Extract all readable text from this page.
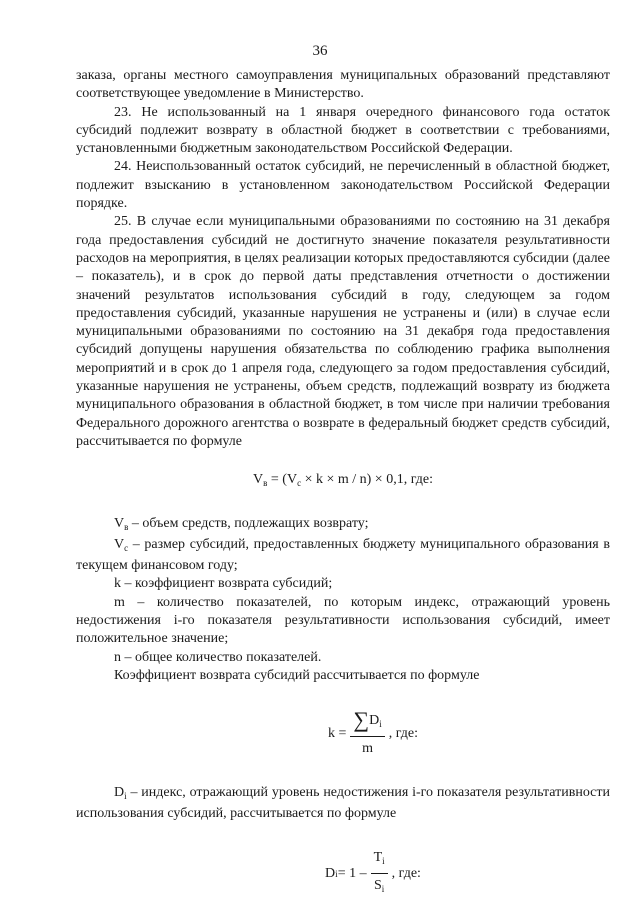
36

заказа, органы местного самоуправления муниципальных образований представляют соответствующее уведомление в Министерство.

23. Не использованный на 1 января очередного финансового года остаток субсидий подлежит возврату в областной бюджет в соответствии с требованиями, установленными бюджетным законодательством Российской Федерации.

24. Неиспользованный остаток субсидий, не перечисленный в областной бюджет, подлежит взысканию в установленном законодательством Российской Федерации порядке.

25. В случае если муниципальными образованиями по состоянию на 31 декабря года предоставления субсидий не достигнуто значение показателя результативности расходов на мероприятия, в целях реализации которых предоставляются субсидии (далее – показатель), и в срок до первой даты представления отчетности о достижении значений результатов использования субсидий в году, следующем за годом предоставления субсидий, указанные нарушения не устранены и (или) в случае если муниципальными образованиями по состоянию на 31 декабря года предоставления субсидий допущены нарушения обязательства по соблюдению графика выполнения мероприятий и в срок до 1 апреля года, следующего за годом предоставления субсидий, указанные нарушения не устранены, объем средств, подлежащий возврату из бюджета муниципального образования в областной бюджет, в том числе при наличии требования Федерального дорожного агентства о возврате в федеральный бюджет средств субсидий, рассчитывается по формуле

$V_в = (V_с \times k \times m / n) \times 0,1$, где:

$V_в$ – объем средств, подлежащих возврату;

$V_с$ – размер субсидий, предоставленных бюджету муниципального образования в текущем финансовом году;

k – коэффициент возврата субсидий;

m – количество показателей, по которым индекс, отражающий уровень недостижения i-го показателя результативности использования субсидий, имеет положительное значение;

n – общее количество показателей.

Коэффициент возврата субсидий рассчитывается по формуле

$k = \frac{\sum D_i}{m}$ , где:

$D_i$ – индекс, отражающий уровень недостижения i-го показателя результативности использования субсидий, рассчитывается по формуле

D $i = 1 - \frac{T_i}{S_i}$ , где:
